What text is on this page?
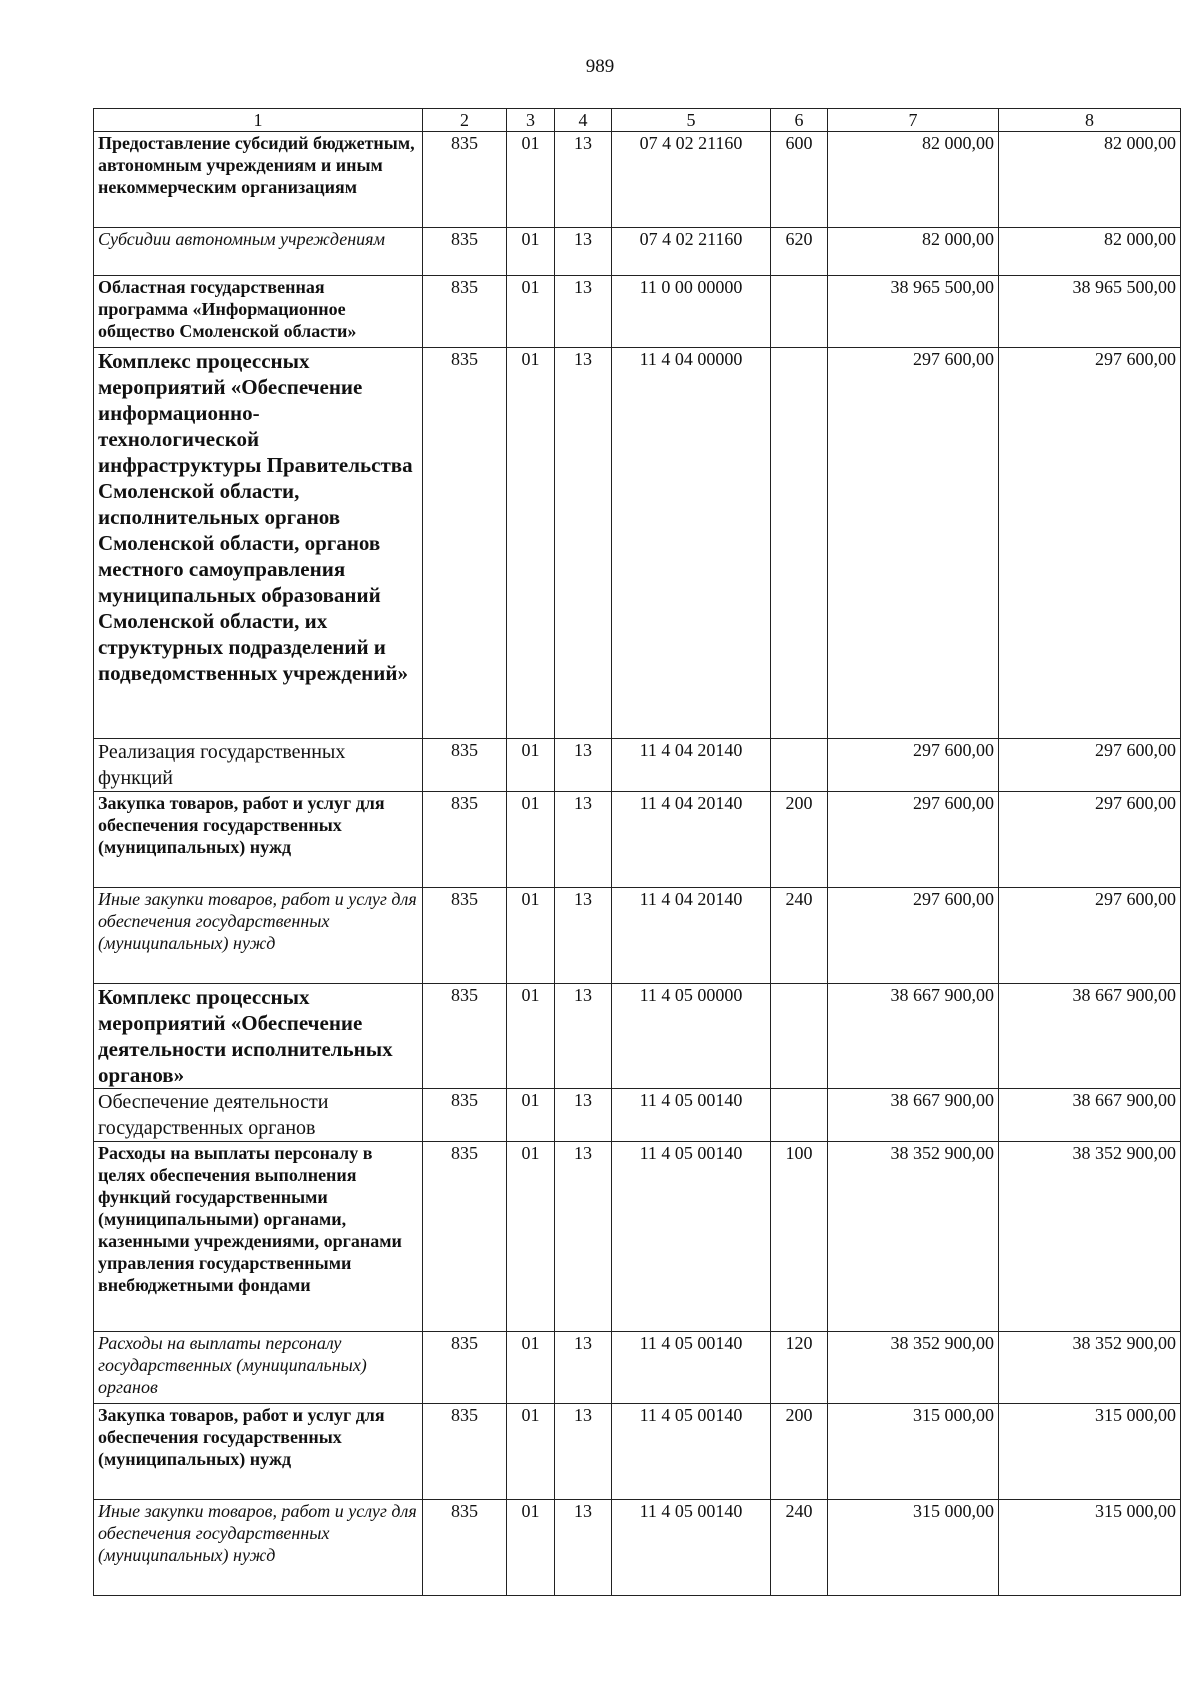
989
1	2	3	4	5	6	7	8
Предоставление субсидий бюджетным, автономным учреждениям и иным некоммерческим организациям	835	01	13	07 4 02 21160	600	82 000,00	82 000,00
Субсидии автономным учреждениям	835	01	13	07 4 02 21160	620	82 000,00	82 000,00
Областная государственная программа «Информационное общество Смоленской области»	835	01	13	11 0 00 00000		38 965 500,00	38 965 500,00
Комплекс процессных мероприятий «Обеспечение информационно-технологической инфраструктуры Правительства Смоленской области, исполнительных органов Смоленской области, органов местного самоуправления муниципальных образований Смоленской области, их структурных подразделений и подведомственных учреждений»	835	01	13	11 4 04 00000		297 600,00	297 600,00
Реализация государственных функций	835	01	13	11 4 04 20140		297 600,00	297 600,00
Закупка товаров, работ и услуг для обеспечения государственных (муниципальных) нужд	835	01	13	11 4 04 20140	200	297 600,00	297 600,00
Иные закупки товаров, работ и услуг для обеспечения государственных (муниципальных) нужд	835	01	13	11 4 04 20140	240	297 600,00	297 600,00
Комплекс процессных мероприятий «Обеспечение деятельности исполнительных органов»	835	01	13	11 4 05 00000		38 667 900,00	38 667 900,00
Обеспечение деятельности государственных органов	835	01	13	11 4 05 00140		38 667 900,00	38 667 900,00
Расходы на выплаты персоналу в целях обеспечения выполнения функций государственными (муниципальными) органами, казенными учреждениями, органами управления государственными внебюджетными фондами	835	01	13	11 4 05 00140	100	38 352 900,00	38 352 900,00
Расходы на выплаты персоналу государственных (муниципальных) органов	835	01	13	11 4 05 00140	120	38 352 900,00	38 352 900,00
Закупка товаров, работ и услуг для обеспечения государственных (муниципальных) нужд	835	01	13	11 4 05 00140	200	315 000,00	315 000,00
Иные закупки товаров, работ и услуг для обеспечения государственных (муниципальных) нужд	835	01	13	11 4 05 00140	240	315 000,00	315 000,00
